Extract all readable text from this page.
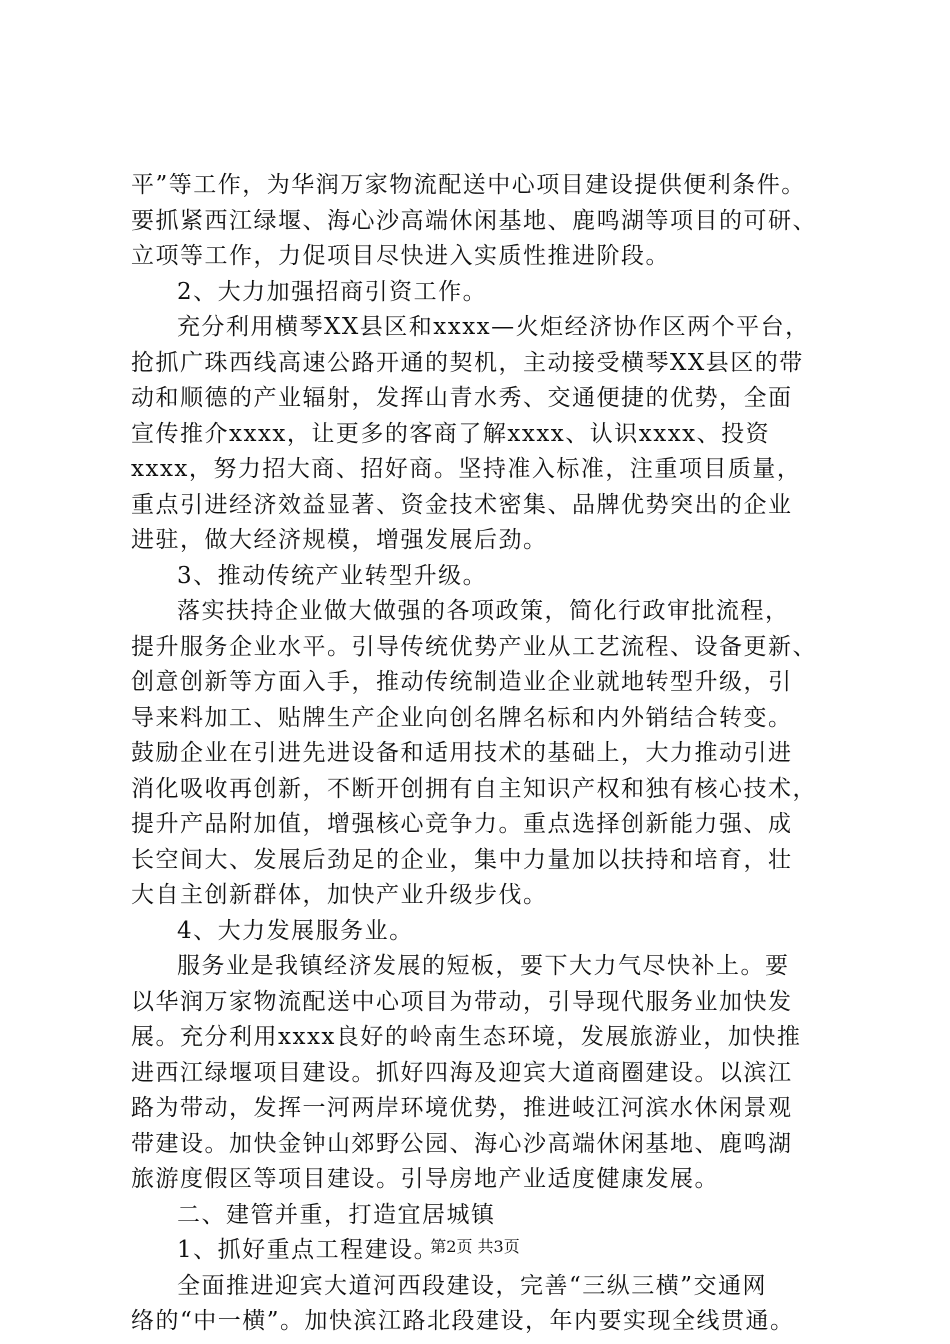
平”等工作，为华润万家物流配送中心项目建设提供便利条件。
要抓紧西江绿堰、海心沙高端休闲基地、鹿鸣湖等项目的可研、
立项等工作，力促项目尽快进入实质性推进阶段。
2、大力加强招商引资工作。
充分利用横琴XX县区和xxxx—火炬经济协作区两个平台，
抢抓广珠西线高速公路开通的契机，主动接受横琴XX县区的带
动和顺德的产业辐射，发挥山青水秀、交通便捷的优势，全面
宣传推介xxxx，让更多的客商了解xxxx、认识xxxx、投资
xxxx，努力招大商、招好商。坚持准入标准，注重项目质量，
重点引进经济效益显著、资金技术密集、品牌优势突出的企业
进驻，做大经济规模，增强发展后劲。
3、推动传统产业转型升级。
落实扶持企业做大做强的各项政策，简化行政审批流程，
提升服务企业水平。引导传统优势产业从工艺流程、设备更新、
创意创新等方面入手，推动传统制造业企业就地转型升级，引
导来料加工、贴牌生产企业向创名牌名标和内外销结合转变。
鼓励企业在引进先进设备和适用技术的基础上，大力推动引进
消化吸收再创新，不断开创拥有自主知识产权和独有核心技术，
提升产品附加值，增强核心竞争力。重点选择创新能力强、成
长空间大、发展后劲足的企业，集中力量加以扶持和培育，壮
大自主创新群体，加快产业升级步伐。
4、大力发展服务业。
服务业是我镇经济发展的短板，要下大力气尽快补上。要
以华润万家物流配送中心项目为带动，引导现代服务业加快发
展。充分利用xxxx良好的岭南生态环境，发展旅游业，加快推
进西江绿堰项目建设。抓好四海及迎宾大道商圈建设。以滨江
路为带动，发挥一河两岸环境优势，推进岐江河滨水休闲景观
带建设。加快金钟山郊野公园、海心沙高端休闲基地、鹿鸣湖
旅游度假区等项目建设。引导房地产业适度健康发展。
二、建管并重，打造宜居城镇
1、抓好重点工程建设。
全面推进迎宾大道河西段建设，完善“三纵三横”交通网
络的“中一横”。加快滨江路北段建设，年内要实现全线贯通。
第2页 共3页
